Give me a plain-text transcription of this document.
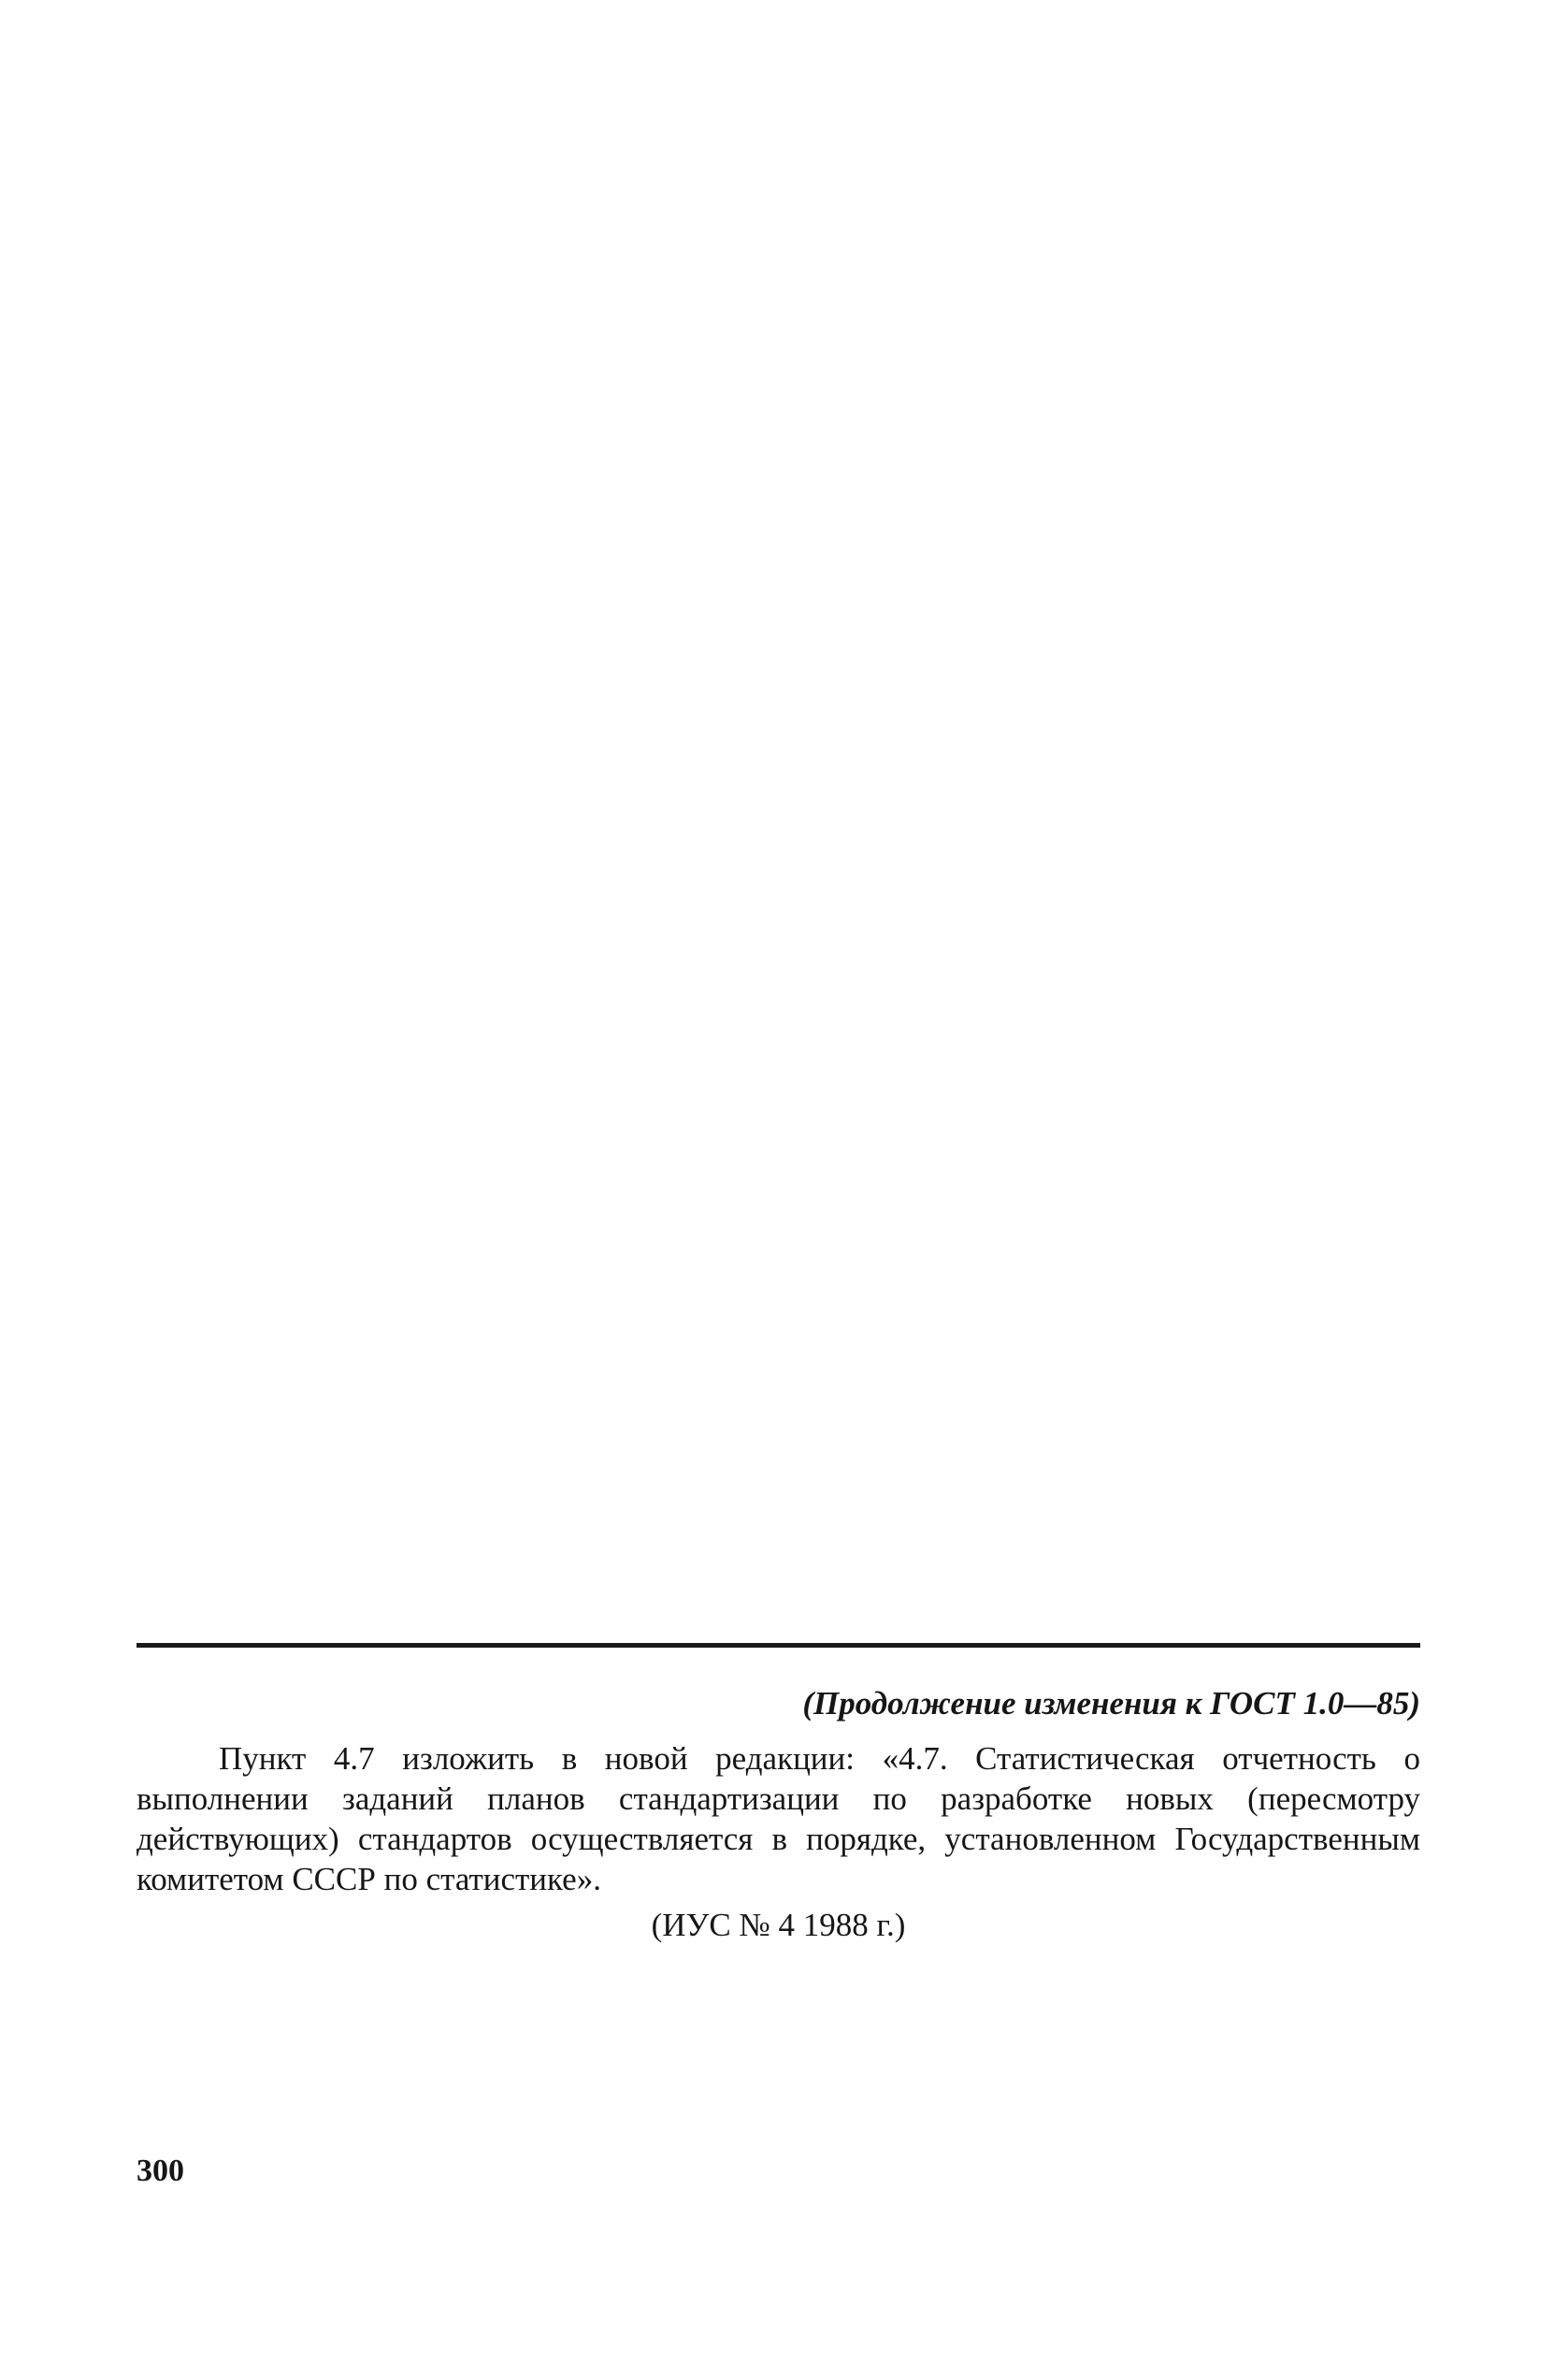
(Продолжение изменения к ГОСТ 1.0—85)

Пункт 4.7 изложить в новой редакции: «4.7. Статистическая отчетность о выполнении заданий планов стандартизации по разработке новых (пересмотру действующих) стандартов осуществляется в порядке, установленном Государственным комитетом СССР по статистике».

(ИУС № 4 1988 г.)
300
